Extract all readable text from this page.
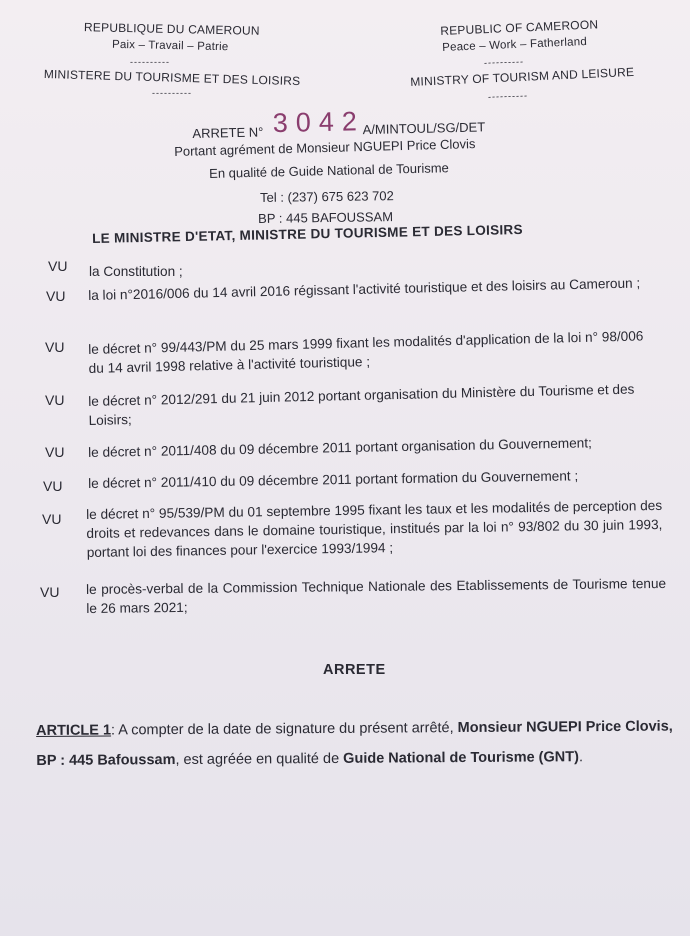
REPUBLIQUE DU CAMEROUN
Paix – Travail – Patrie
----------
MINISTERE DU TOURISME ET DES LOISIRS
----------
REPUBLIC OF CAMEROON
Peace – Work – Fatherland
----------
MINISTRY OF TOURISM AND LEISURE
----------
ARRETE N° 3042 A/MINTOUL/SG/DET
Portant agrément de Monsieur NGUEPI Price Clovis
En qualité de Guide National de Tourisme
Tel : (237) 675 623 702
BP : 445 BAFOUSSAM
LE MINISTRE D'ETAT, MINISTRE DU TOURISME ET DES LOISIRS
VU la Constitution ;
VU la loi n°2016/006 du 14 avril 2016 régissant l'activité touristique et des loisirs au Cameroun ;
VU le décret n° 99/443/PM du 25 mars 1999 fixant les modalités d'application de la loi n° 98/006 du 14 avril 1998 relative à l'activité touristique ;
VU le décret n° 2012/291 du 21 juin 2012 portant organisation du Ministère du Tourisme et des Loisirs;
VU le décret n° 2011/408 du 09 décembre 2011 portant organisation du Gouvernement;
VU le décret n° 2011/410 du 09 décembre 2011 portant formation du Gouvernement ;
VU le décret n° 95/539/PM du 01 septembre 1995 fixant les taux et les modalités de perception des droits et redevances dans le domaine touristique, institués par la loi n° 93/802 du 30 juin 1993, portant loi des finances pour l'exercice 1993/1994 ;
VU le procès-verbal de la Commission Technique Nationale des Etablissements de Tourisme tenue le 26 mars 2021;
ARRETE
ARTICLE 1: A compter de la date de signature du présent arrêté, Monsieur NGUEPI Price Clovis, BP : 445 Bafoussam, est agréée en qualité de Guide National de Tourisme (GNT).
